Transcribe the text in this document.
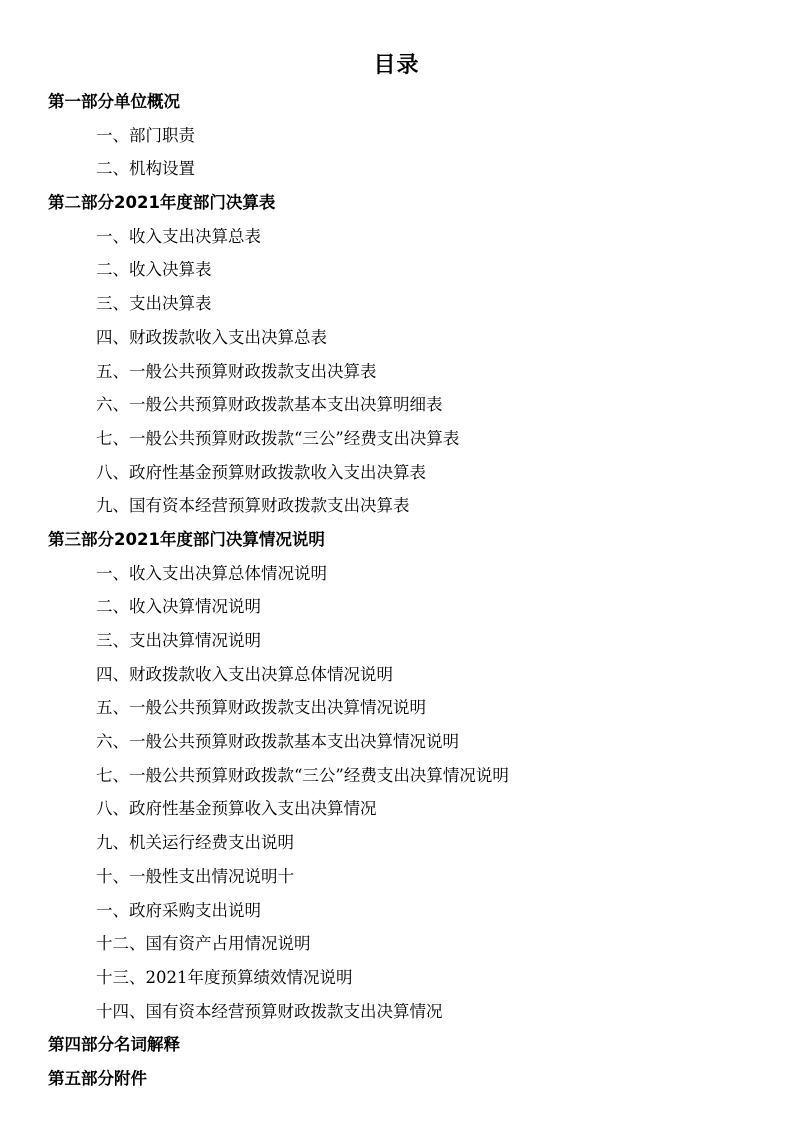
目录
第一部分单位概况
一、部门职责
二、机构设置
第二部分2021年度部门决算表
一、收入支出决算总表
二、收入决算表
三、支出决算表
四、财政拨款收入支出决算总表
五、一般公共预算财政拨款支出决算表
六、一般公共预算财政拨款基本支出决算明细表
七、一般公共预算财政拨款“三公”经费支出决算表
八、政府性基金预算财政拨款收入支出决算表
九、国有资本经营预算财政拨款支出决算表
第三部分2021年度部门决算情况说明
一、收入支出决算总体情况说明
二、收入决算情况说明
三、支出决算情况说明
四、财政拨款收入支出决算总体情况说明
五、一般公共预算财政拨款支出决算情况说明
六、一般公共预算财政拨款基本支出决算情况说明
七、一般公共预算财政拨款“三公”经费支出决算情况说明
八、政府性基金预算收入支出决算情况
九、机关运行经费支出说明
十、一般性支出情况说明十
一、政府采购支出说明
十二、国有资产占用情况说明
十三、2021年度预算绩效情况说明
十四、国有资本经营预算财政拨款支出决算情况
第四部分名词解释
第五部分附件
